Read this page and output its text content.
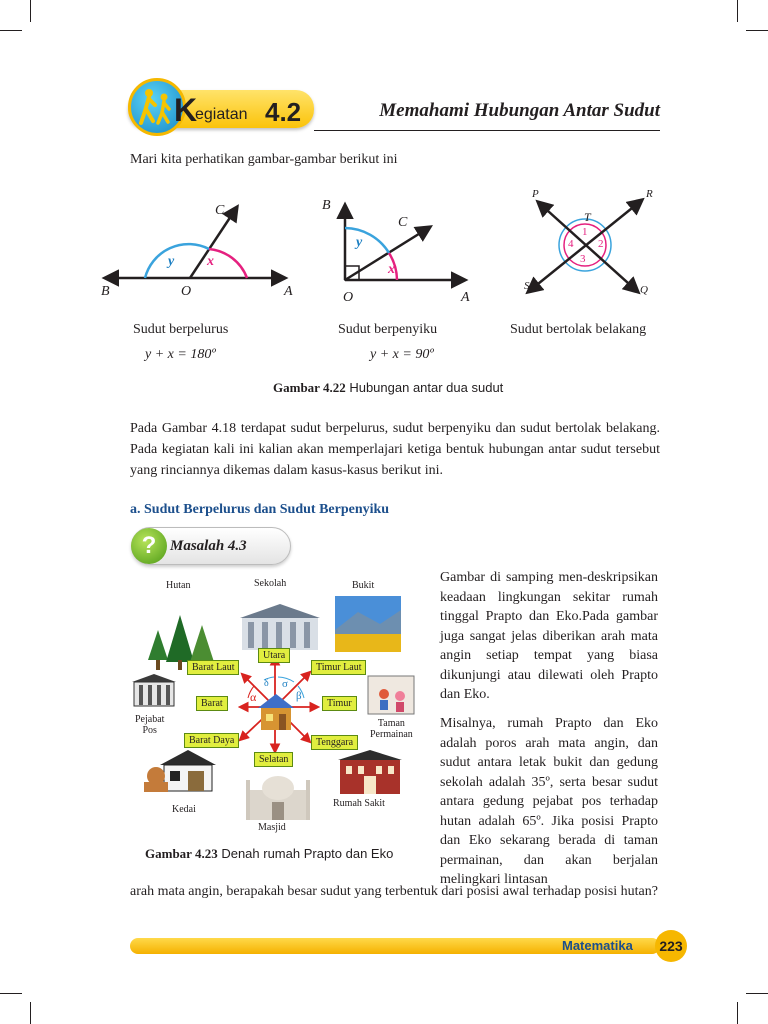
K
egiatan 4.2	Memahami Hubungan Antar Sudut
Mari kita perhatikan gambar-gambar berikut ini
C
y x
B	O	A
B
C
y
x
O	A
P	R
T
1
2
3
4
S	Q
Sudut berpelurus
y + x = 180º
Sudut berpenyiku
y + x = 90º
Sudut bertolak belakang
Gambar 4.22 Hubungan antar dua sudut
Pada Gambar 4.18 terdapat sudut berpelurus, sudut berpenyiku dan sudut bertolak belakang. Pada kegiatan kali ini kalian akan memperlajari ketiga bentuk hubungan antar sudut tersebut yang rinciannya dikemas dalam kasus-kasus berikut ini.
a. Sudut Berpelurus dan Sudut Berpenyiku
? Masalah 4.3
Hutan	Sekolah	Bukit
Pejabat
Pos
Taman
Permainan
Kedai
Masjid
Rumah Sakit
Utara
Barat Laut	Timur Laut
Barat	Timur
Barat Daya	Tenggara
Selatan
α
δ σ
β
Gambar 4.23 Denah rumah Prapto dan Eko
Gambar di samping men-deskripsikan keadaan lingkungan sekitar rumah tinggal Prapto dan Eko.Pada gambar juga sangat jelas diberikan arah mata angin setiap tempat yang biasa dikunjungi atau dilewati oleh Prapto dan Eko.
Misalnya, rumah Prapto dan Eko adalah poros arah mata angin, dan sudut antara letak bukit dan gedung sekolah adalah 35º, serta besar sudut antara gedung pejabat pos terhadap hutan adalah 65º. Jika posisi Prapto dan Eko sekarang berada di taman permainan, dan akan berjalan melingkari lintasan
arah mata angin, berapakah besar sudut yang terbentuk dari posisi awal terhadap posisi hutan?
Matematika	223
